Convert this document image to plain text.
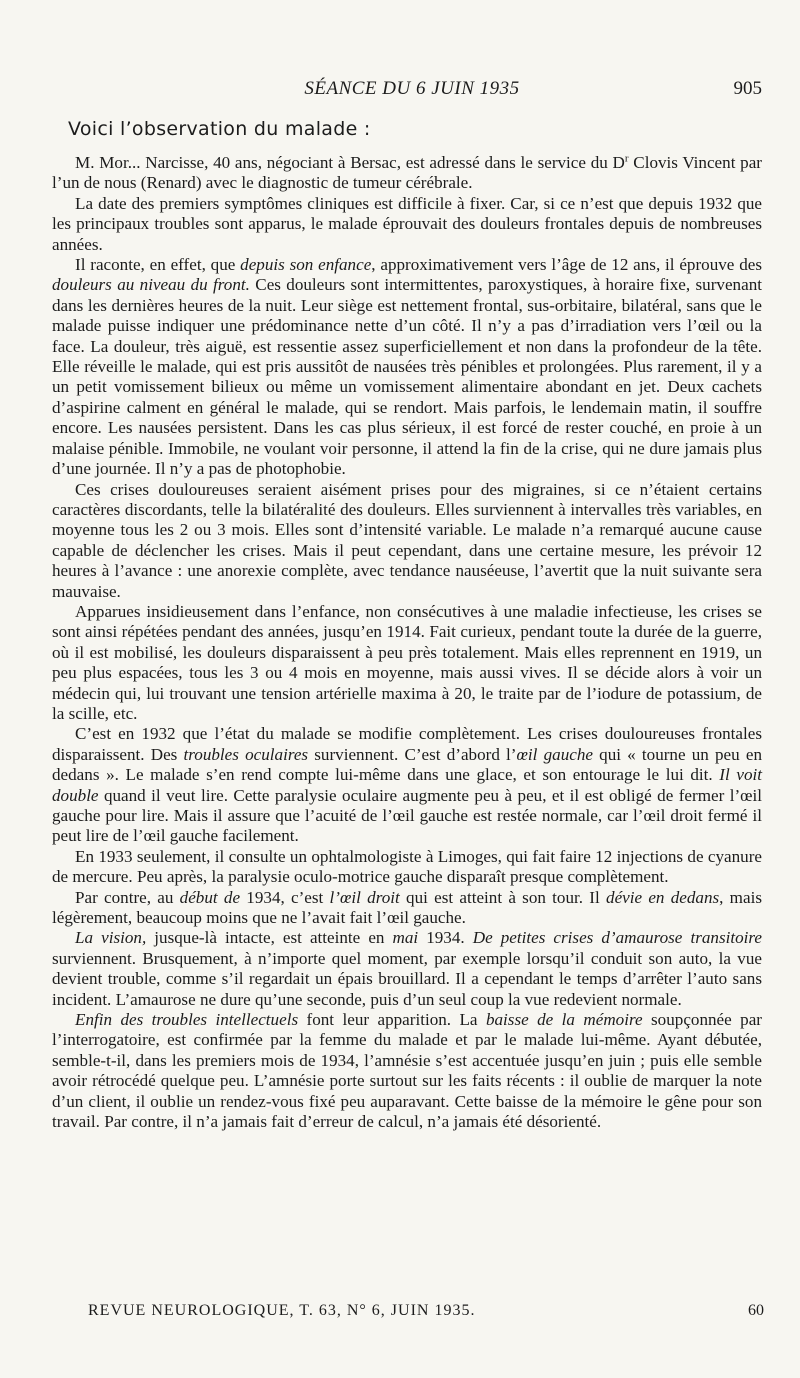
SÉANCE DU 6 JUIN 1935	905

Voici l’observation du malade :

M. Mor... Narcisse, 40 ans, négociant à Bersac, est adressé dans le service du $D^r$ Clovis Vincent par l’un de nous (Renard) avec le diagnostic de tumeur cérébrale.

La date des premiers symptômes cliniques est difficile à fixer. Car, si ce n’est que depuis 1932 que les principaux troubles sont apparus, le malade éprouvait des douleurs frontales depuis de nombreuses années.

Il raconte, en effet, que depuis son enfance, approximativement vers l’âge de 12 ans, il éprouve des douleurs au niveau du front. Ces douleurs sont intermittentes, paroxystiques, à horaire fixe, survenant dans les dernières heures de la nuit. Leur siège est nettement frontal, sus-orbitaire, bilatéral, sans que le malade puisse indiquer une prédominance nette d’un côté. Il n’y a pas d’irradiation vers l’œil ou la face. La douleur, très aiguë, est ressentie assez superficiellement et non dans la profondeur de la tête. Elle réveille le malade, qui est pris aussitôt de nausées très pénibles et prolongées. Plus rarement, il y a un petit vomissement bilieux ou même un vomissement alimentaire abondant en jet. Deux cachets d’aspirine calment en général le malade, qui se rendort. Mais parfois, le lendemain matin, il souffre encore. Les nausées persistent. Dans les cas plus sérieux, il est forcé de rester couché, en proie à un malaise pénible. Immobile, ne voulant voir personne, il attend la fin de la crise, qui ne dure jamais plus d’une journée. Il n’y a pas de photophobie.

Ces crises douloureuses seraient aisément prises pour des migraines, si ce n’étaient certains caractères discordants, telle la bilatéralité des douleurs. Elles surviennent à intervalles très variables, en moyenne tous les 2 ou 3 mois. Elles sont d’intensité variable. Le malade n’a remarqué aucune cause capable de déclencher les crises. Mais il peut cependant, dans une certaine mesure, les prévoir 12 heures à l’avance : une anorexie complète, avec tendance nauséeuse, l’avertit que la nuit suivante sera mauvaise.

Apparues insidieusement dans l’enfance, non consécutives à une maladie infectieuse, les crises se sont ainsi répétées pendant des années, jusqu’en 1914. Fait curieux, pendant toute la durée de la guerre, où il est mobilisé, les douleurs disparaissent à peu près totalement. Mais elles reprennent en 1919, un peu plus espacées, tous les 3 ou 4 mois en moyenne, mais aussi vives. Il se décide alors à voir un médecin qui, lui trouvant une tension artérielle maxima à 20, le traite par de l’iodure de potassium, de la scille, etc.

C’est en 1932 que l’état du malade se modifie complètement. Les crises douloureuses frontales disparaissent. Des troubles oculaires surviennent. C’est d’abord l’œil gauche qui « tourne un peu en dedans ». Le malade s’en rend compte lui-même dans une glace, et son entourage le lui dit. Il voit double quand il veut lire. Cette paralysie oculaire augmente peu à peu, et il est obligé de fermer l’œil gauche pour lire. Mais il assure que l’acuité de l’œil gauche est restée normale, car l’œil droit fermé il peut lire de l’œil gauche facilement.

En 1933 seulement, il consulte un ophtalmologiste à Limoges, qui fait faire 12 injections de cyanure de mercure. Peu après, la paralysie oculo-motrice gauche disparaît presque complètement.

Par contre, au début de 1934, c’est l’œil droit qui est atteint à son tour. Il dévie en dedans, mais légèrement, beaucoup moins que ne l’avait fait l’œil gauche.

La vision, jusque-là intacte, est atteinte en mai 1934. De petites crises d’amaurose transitoire surviennent. Brusquement, à n’importe quel moment, par exemple lorsqu’il conduit son auto, la vue devient trouble, comme s’il regardait un épais brouillard. Il a cependant le temps d’arrêter l’auto sans incident. L’amaurose ne dure qu’une seconde, puis d’un seul coup la vue redevient normale.

Enfin des troubles intellectuels font leur apparition. La baisse de la mémoire soupçonnée par l’interrogatoire, est confirmée par la femme du malade et par le malade lui-même. Ayant débutée, semble-t-il, dans les premiers mois de 1934, l’amnésie s’est accentuée jusqu’en juin ; puis elle semble avoir rétrocédé quelque peu. L’amnésie porte surtout sur les faits récents : il oublie de marquer la note d’un client, il oublie un rendez-vous fixé peu auparavant. Cette baisse de la mémoire le gêne pour son travail. Par contre, il n’a jamais fait d’erreur de calcul, n’a jamais été désorienté.

REVUE NEUROLOGIQUE, T. 63, N° 6, JUIN 1935.	60
